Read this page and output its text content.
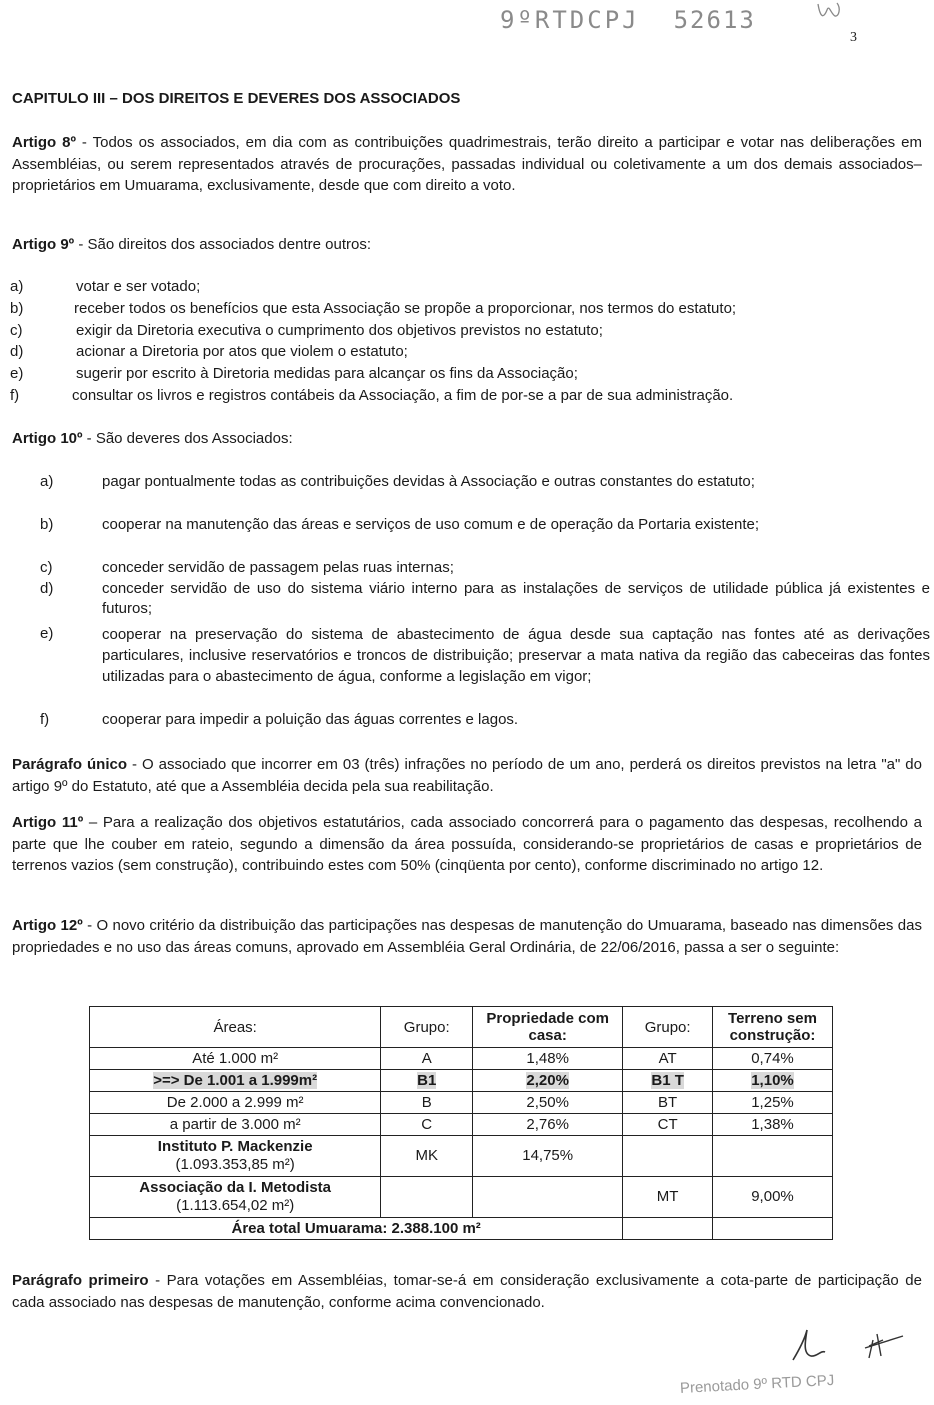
9ºRTDCPJ 52613
3
CAPITULO III – DOS DIREITOS E DEVERES DOS ASSOCIADOS
Artigo 8º - Todos os associados, em dia com as contribuições quadrimestrais, terão direito a participar e votar nas deliberações em Assembléias, ou serem representados através de procurações, passadas individual ou coletivamente a um dos demais associados–proprietários em Umuarama, exclusivamente, desde que com direito a voto.
Artigo 9º - São direitos dos associados dentre outros:
a)	votar e ser votado;
b)	receber todos os benefícios que esta Associação se propõe a proporcionar, nos termos do estatuto;
c)	exigir da Diretoria executiva o cumprimento dos objetivos previstos no estatuto;
d)	acionar a Diretoria por atos que violem o estatuto;
e)	sugerir por escrito à Diretoria medidas para alcançar os fins da Associação;
f)	consultar os livros e registros contábeis da Associação, a fim de por-se a par de sua administração.
Artigo 10º - São deveres dos Associados:
a)	pagar pontualmente todas as contribuições devidas à Associação e outras constantes do estatuto;
b)	cooperar na manutenção das áreas e serviços de uso comum e de operação da Portaria existente;
c)	conceder servidão de passagem pelas ruas internas;
d)	conceder servidão de uso do sistema viário interno para as instalações de serviços de utilidade pública já existentes e futuros;
e)	cooperar na preservação do sistema de abastecimento de água desde sua captação nas fontes até as derivações particulares, inclusive reservatórios e troncos de distribuição; preservar a mata nativa da região das cabeceiras das fontes utilizadas para o abastecimento de água, conforme a legislação em vigor;
f)	cooperar para impedir a poluição das águas correntes e lagos.
Parágrafo único - O associado que incorrer em 03 (três) infrações no período de um ano, perderá os direitos previstos na letra "a" do artigo 9º do Estatuto, até que a Assembléia decida pela sua reabilitação.
Artigo 11º – Para a realização dos objetivos estatutários, cada associado concorrerá para o pagamento das despesas, recolhendo a parte que lhe couber em rateio, segundo a dimensão da área possuída, considerando-se proprietários de casas e proprietários de terrenos vazios (sem construção), contribuindo estes com 50% (cinqüenta por cento), conforme discriminado no artigo 12.
Artigo 12º - O novo critério da distribuição das participações nas despesas de manutenção do Umuarama, baseado nas dimensões das propriedades e no uso das áreas comuns, aprovado em Assembléia Geral Ordinária, de 22/06/2016, passa a ser o seguinte:
Áreas:	Grupo:	Propriedade com casa:	Grupo:	Terreno sem construção:
Até 1.000 m²	A	1,48%	AT	0,74%
>=> De 1.001 a 1.999m²	B1	2,20%	B1 T	1,10%
De 2.000 a 2.999 m²	B	2,50%	BT	1,25%
a partir de 3.000 m²	C	2,76%	CT	1,38%

Instituto P. Mackenzie
(1.093.353,85 m²)	MK	14,75%		

Associação da I. Metodista
(1.113.654,02 m²)			MT	9,00%
Área total Umuarama: 2.388.100 m²				
Parágrafo primeiro - Para votações em Assembléias, tomar-se-á em consideração exclusivamente a cota-parte de participação de cada associado nas despesas de manutenção, conforme acima convencionado.
Prenotado 9º RTD CPJ
